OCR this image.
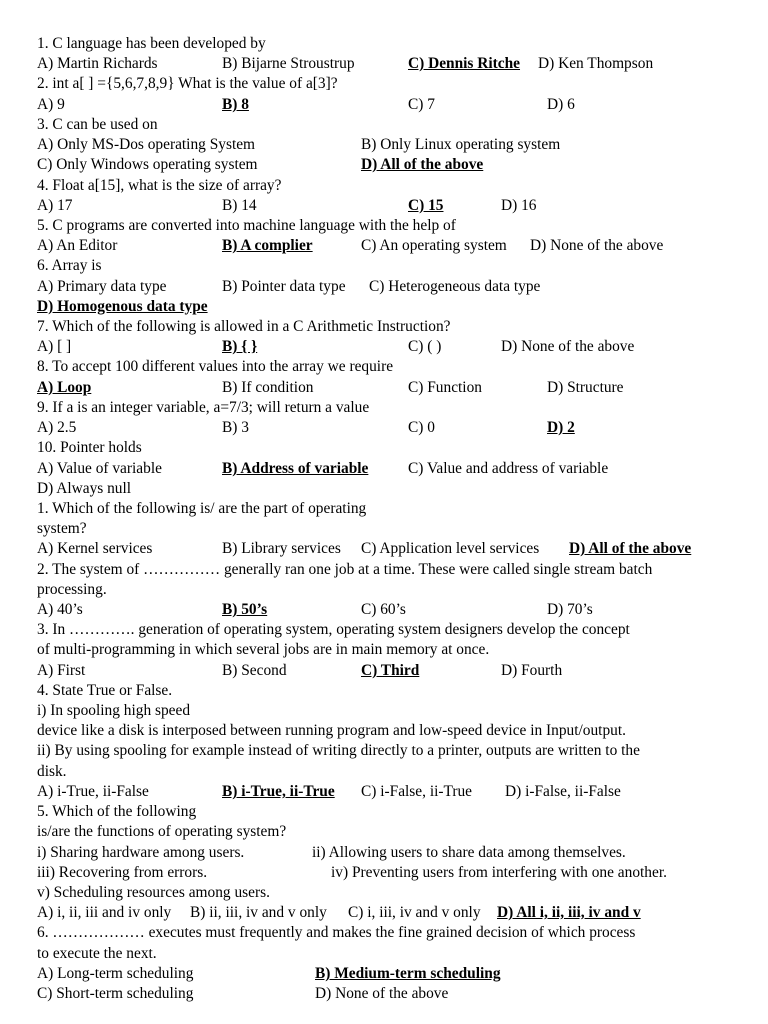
1. C language has been developed by
A) Martin Richards	B) Bijarne Stroustrup	C) Dennis Ritche D) Ken Thompson
2. int a[ ] ={5,6,7,8,9} What is the value of a[3]?
A) 9	B) 8	C) 7	D) 6
3. C can be used on
A) Only MS-Dos operating System	B) Only Linux operating system
C) Only Windows operating system	D) All of the above
4. Float a[15], what is the size of array?
A) 17	B) 14	C) 15	D) 16
5. C programs are converted into machine language with the help of
A) An Editor	B) A complier	C) An operating system D) None of the above
6. Array is
A) Primary data type	B) Pointer data type C) Heterogeneous data type
D) Homogenous data type
7. Which of the following is allowed in a C Arithmetic Instruction?
A) [ ]	B) { }	C) ( )	D) None of the above
8. To accept 100 different values into the array we require
A) Loop	B) If condition	C) Function	D) Structure
9. If a is an integer variable, a=7/3; will return a value
A) 2.5	B) 3	C) 0	D) 2
10. Pointer holds
A) Value of variable	B) Address of variable	C) Value and address of variable
D) Always null
1. Which of the following is/ are the part of operating
system?
A) Kernel services	B) Library services C) Application level services D) All of the above
2. The system of …………… generally ran one job at a time. These were called single stream batch
processing.
A) 40’s	B) 50’s	C) 60’s	D) 70’s
3. In …………. generation of operating system, operating system designers develop the concept
of multi-programming in which several jobs are in main memory at once.
A) First	B) Second	C) Third	D) Fourth
4. State True or False.
i) In spooling high speed
device like a disk is interposed between running program and low-speed device in Input/output.
ii) By using spooling for example instead of writing directly to a printer, outputs are written to the
disk.
A) i-True, ii-False	B) i-True, ii-True C) i-False, ii-True D) i-False, ii-False
5. Which of the following
is/are the functions of operating system?
i) Sharing hardware among users.	ii) Allowing users to share data among themselves.
iii) Recovering from errors.	iv) Preventing users from interfering with one another.
v) Scheduling resources among users.
A) i, ii, iii and iv only B) ii, iii, iv and v only C) i, iii, iv and v only D) All i, ii, iii, iv and v
6. ……………… executes must frequently and makes the fine grained decision of which process
to execute the next.
A) Long-term scheduling	B) Medium-term scheduling
C) Short-term scheduling	D) None of the above
